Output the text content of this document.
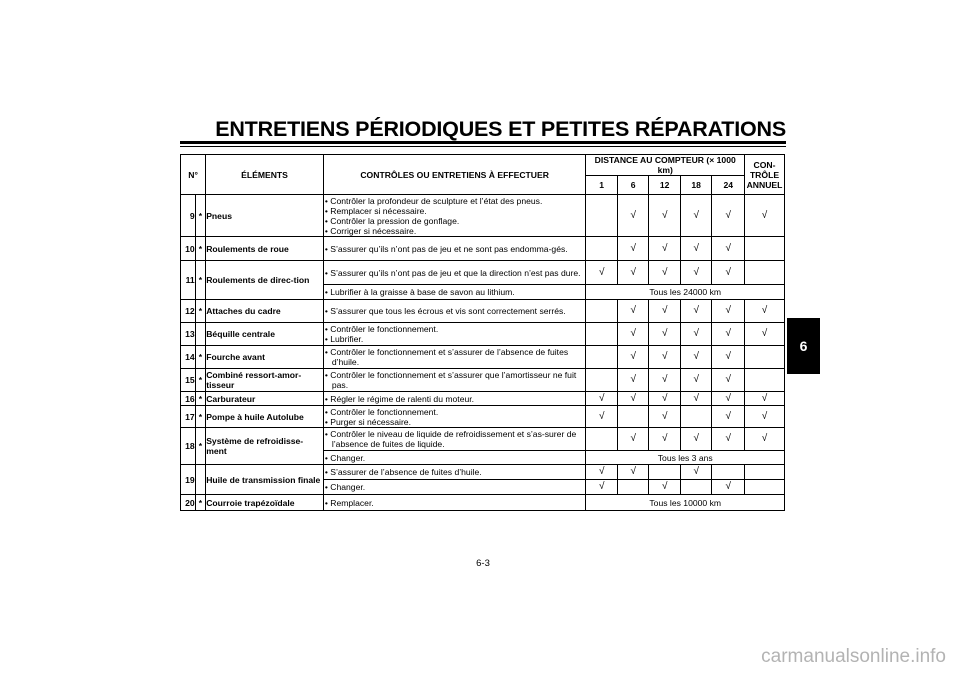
ENTRETIENS PÉRIODIQUES ET PETITES RÉPARATIONS
6
N°		ÉLÉMENTS	CONTRÔLES OU ENTRETIENS À EFFECTUER	DISTANCE AU COMPTEUR (× 1000 km)					CON-TRÔLE ANNUEL
				1	6	12	18	24	
9	*	Pneus	• Contrôler la profondeur de sculpture et l’état des pneus.
• Remplacer si nécessaire.
• Contrôler la pression de gonflage.
• Corriger si nécessaire.		√	√	√	√	√
10	*	Roulements de roue	• S’assurer qu’ils n’ont pas de jeu et ne sont pas endomma-gés.		√	√	√	√	
11	*	Roulements de direc-tion	• S’assurer qu’ils n’ont pas de jeu et que la direction n’est pas dure.	√	√	√	√	√	

			• Lubrifier à la graisse à base de savon au lithium.	Tous les 24000 km					
12	*	Attaches du cadre	• S’assurer que tous les écrous et vis sont correctement serrés.		√	√	√	√	√
13		Béquille centrale	• Contrôler le fonctionnement.
• Lubrifier.		√	√	√	√	√
14	*	Fourche avant	• Contrôler le fonctionnement et s’assurer de l’absence de fuites d’huile.		√	√	√	√	
15	*	Combiné ressort-amor-tisseur	• Contrôler le fonctionnement et s’assurer que l’amortisseur ne fuit pas.		√	√	√	√	
16	*	Carburateur	• Régler le régime de ralenti du moteur.	√	√	√	√	√	√
17	*	Pompe à huile Autolube	• Contrôler le fonctionnement.
• Purger si nécessaire.	√		√		√	√
18	*	Système de refroidisse-ment	• Contrôler le niveau de liquide de refroidissement et s’as-surer de l’absence de fuites de liquide.		√	√	√	√	√

			• Changer.	Tous les 3 ans					
19		Huile de transmission finale	• S’assurer de l’absence de fuites d’huile.	√	√		√		

			• Changer.	√		√		√	
20	*	Courroie trapézoïdale	• Remplacer.	Tous les 10000 km					
6-3
carmanualsonline.info
